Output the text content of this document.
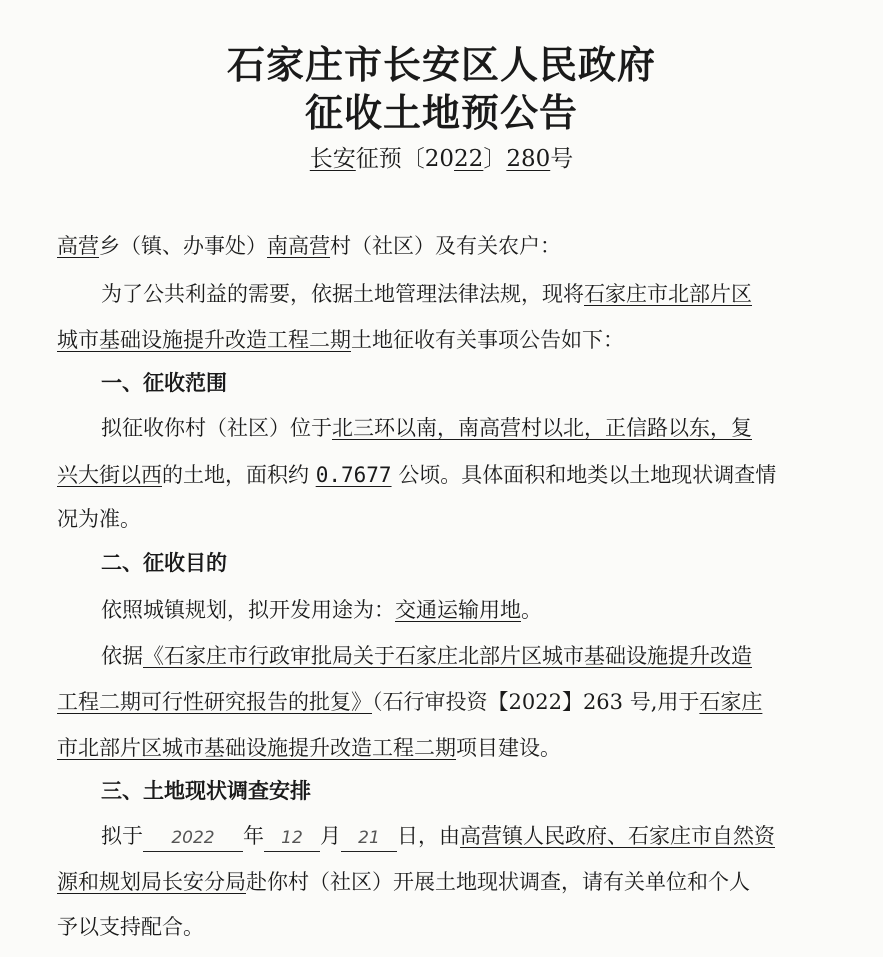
石家庄市长安区人民政府
征收土地预公告
长安征预〔2022〕280号
高营乡（镇、办事处）南高营村（社区）及有关农户：
为了公共利益的需要，依据土地管理法律法规，现将石家庄市北部片区
城市基础设施提升改造工程二期土地征收有关事项公告如下：
一、征收范围
拟征收你村（社区）位于北三环以南，南高营村以北，正信路以东，复
兴大街以西的土地，面积约 0.7677 公顷。具体面积和地类以土地现状调查情
况为准。
二、征收目的
依照城镇规划，拟开发用途为：交通运输用地。
依据《石家庄市行政审批局关于石家庄北部片区城市基础设施提升改造
工程二期可行性研究报告的批复》（石行审投资【2022】263 号,用于石家庄
市北部片区城市基础设施提升改造工程二期项目建设。
三、土地现状调查安排
拟于 2022 年 12 月 21 日，由高营镇人民政府、石家庄市自然资
源和规划局长安分局赴你村（社区）开展土地现状调查，请有关单位和个人
予以支持配合。
